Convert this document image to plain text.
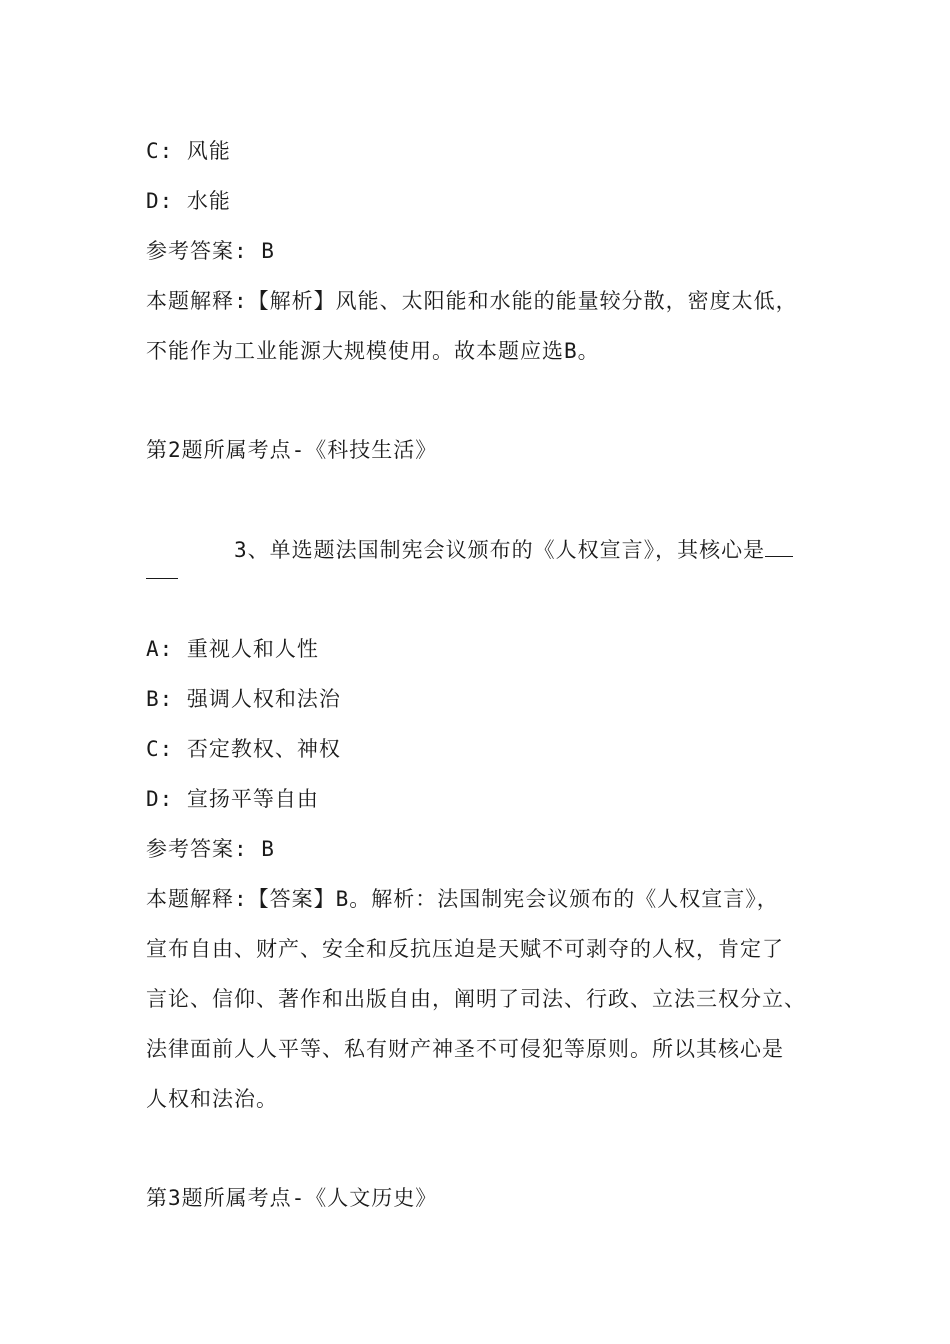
C: 风能
D: 水能
参考答案: B
本题解释:【解析】风能、太阳能和水能的能量较分散，密度太低，
不能作为工业能源大规模使用。故本题应选B。
第2题所属考点-《科技生活》
3、单选题法国制宪会议颁布的《人权宣言》，其核心是
A: 重视人和人性
B: 强调人权和法治
C: 否定教权、神权
D: 宣扬平等自由
参考答案: B
本题解释:【答案】B。解析：法国制宪会议颁布的《人权宣言》，
宣布自由、财产、安全和反抗压迫是天赋不可剥夺的人权，肯定了
言论、信仰、著作和出版自由，阐明了司法、行政、立法三权分立、
法律面前人人平等、私有财产神圣不可侵犯等原则。所以其核心是
人权和法治。
第3题所属考点-《人文历史》
